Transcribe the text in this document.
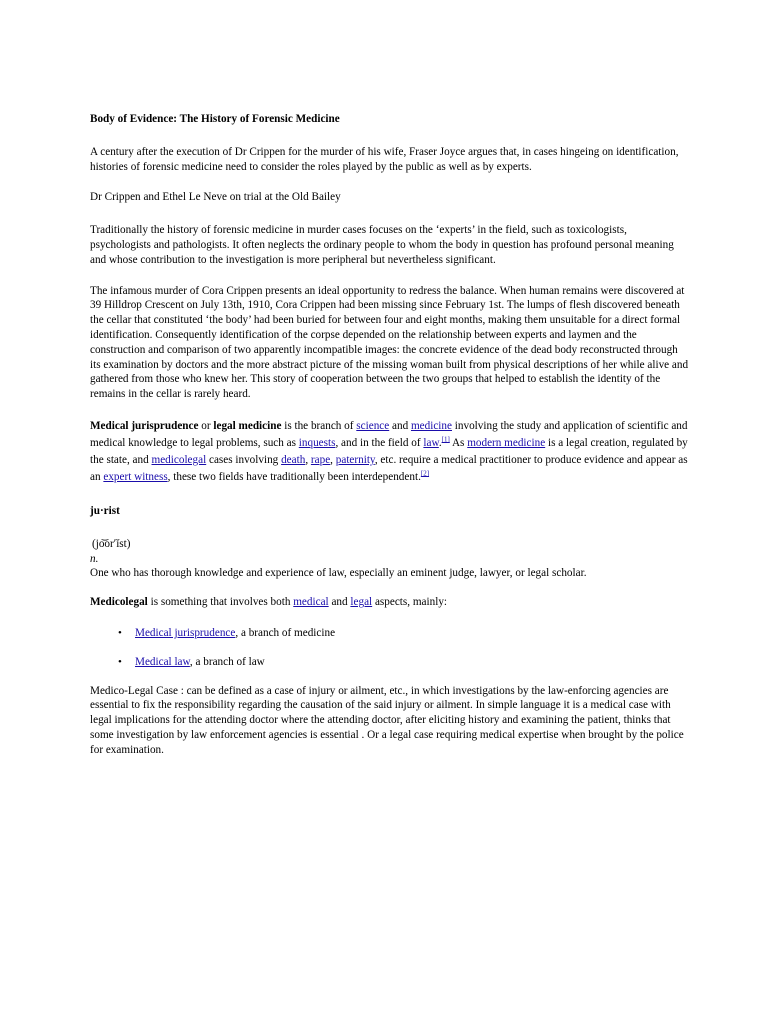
Body of Evidence: The History of Forensic Medicine

A century after the execution of Dr Crippen for the murder of his wife, Fraser Joyce argues that, in cases hingeing on identification, histories of forensic medicine need to consider the roles played by the public as well as by experts.

Dr Crippen and Ethel Le Neve on trial at the Old Bailey

Traditionally the history of forensic medicine in murder cases focuses on the ‘experts’ in the field, such as toxicologists, psychologists and pathologists. It often neglects the ordinary people to whom the body in question has profound personal meaning and whose contribution to the investigation is more peripheral but nevertheless significant.

The infamous murder of Cora Crippen presents an ideal opportunity to redress the balance. When human remains were discovered at 39 Hilldrop Crescent on July 13th, 1910, Cora Crippen had been missing since February 1st. The lumps of flesh discovered beneath the cellar that constituted ‘the body’ had been buried for between four and eight months, making them unsuitable for a direct formal identification. Consequently identification of the corpse depended on the relationship between experts and laymen and the construction and comparison of two apparently incompatible images: the concrete evidence of the dead body reconstructed through its examination by doctors and the more abstract picture of the missing woman built from physical descriptions of her while alive and gathered from those who knew her. This story of cooperation between the two groups that helped to establish the identity of the remains in the cellar is rarely heard.

Medical jurisprudence or legal medicine is the branch of science and medicine involving the study and application of scientific and medical knowledge to legal problems, such as inquests, and in the field of law.[1] As modern medicine is a legal creation, regulated by the state, and medicolegal cases involving death, rape, paternity, etc. require a medical practitioner to produce evidence and appear as an expert witness, these two fields have traditionally been interdependent.[2]

ju·rist

(jo͝orʹĭst)

n.

One who has thorough knowledge and experience of law, especially an eminent judge, lawyer, or legal scholar.

Medicolegal is something that involves both medical and legal aspects, mainly:

• Medical jurisprudence, a branch of medicine
• Medical law, a branch of law

Medico-Legal Case : can be defined as a case of injury or ailment, etc., in which investigations by the law-enforcing agencies are essential to fix the responsibility regarding the causation of the said injury or ailment. In simple language it is a medical case with legal implications for the attending doctor where the attending doctor, after eliciting history and examining the patient, thinks that some investigation by law enforcement agencies is essential . Or a legal case requiring medical expertise when brought by the police for examination.
